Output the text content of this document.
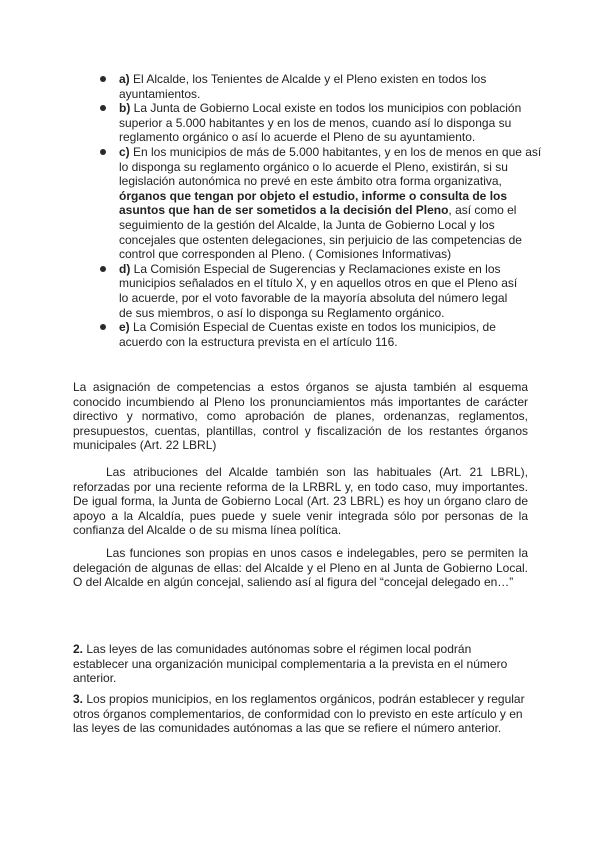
a) El Alcalde, los Tenientes de Alcalde y el Pleno existen en todos los ayuntamientos.
b) La Junta de Gobierno Local existe en todos los municipios con población superior a 5.000 habitantes y en los de menos, cuando así lo disponga su reglamento orgánico o así lo acuerde el Pleno de su ayuntamiento.
c) En los municipios de más de 5.000 habitantes, y en los de menos en que así lo disponga su reglamento orgánico o lo acuerde el Pleno, existirán, si su legislación autonómica no prevé en este ámbito otra forma organizativa, órganos que tengan por objeto el estudio, informe o consulta de los asuntos que han de ser sometidos a la decisión del Pleno, así como el seguimiento de la gestión del Alcalde, la Junta de Gobierno Local y los concejales que ostenten delegaciones, sin perjuicio de las competencias de control que corresponden al Pleno. ( Comisiones Informativas)
d) La Comisión Especial de Sugerencias y Reclamaciones existe en los municipios señalados en el título X, y en aquellos otros en que el Pleno así lo acuerde, por el voto favorable de la mayoría absoluta del número legal de sus miembros, o así lo disponga su Reglamento orgánico.
e) La Comisión Especial de Cuentas existe en todos los municipios, de acuerdo con la estructura prevista en el artículo 116.

La asignación de competencias a estos órganos se ajusta también al esquema conocido incumbiendo al Pleno los pronunciamientos más importantes de carácter directivo y normativo, como aprobación de planes, ordenanzas, reglamentos, presupuestos, cuentas, plantillas, control y fiscalización de los restantes órganos municipales (Art. 22 LBRL)

Las atribuciones del Alcalde también son las habituales (Art. 21 LBRL), reforzadas por una reciente reforma de la LRBRL y, en todo caso, muy importantes. De igual forma, la Junta de Gobierno Local (Art. 23 LBRL) es hoy un órgano claro de apoyo a la Alcaldía, pues puede y suele venir integrada sólo por personas de la confianza del Alcalde o de su misma línea política.

Las funciones son propias en unos casos e indelegables, pero se permiten la delegación de algunas de ellas: del Alcalde y el Pleno en al Junta de Gobierno Local. O del Alcalde en algún concejal, saliendo así al figura del “concejal delegado en…”

2. Las leyes de las comunidades autónomas sobre el régimen local podrán establecer una organización municipal complementaria a la prevista en el número anterior.

3. Los propios municipios, en los reglamentos orgánicos, podrán establecer y regular otros órganos complementarios, de conformidad con lo previsto en este artículo y en las leyes de las comunidades autónomas a las que se refiere el número anterior.
